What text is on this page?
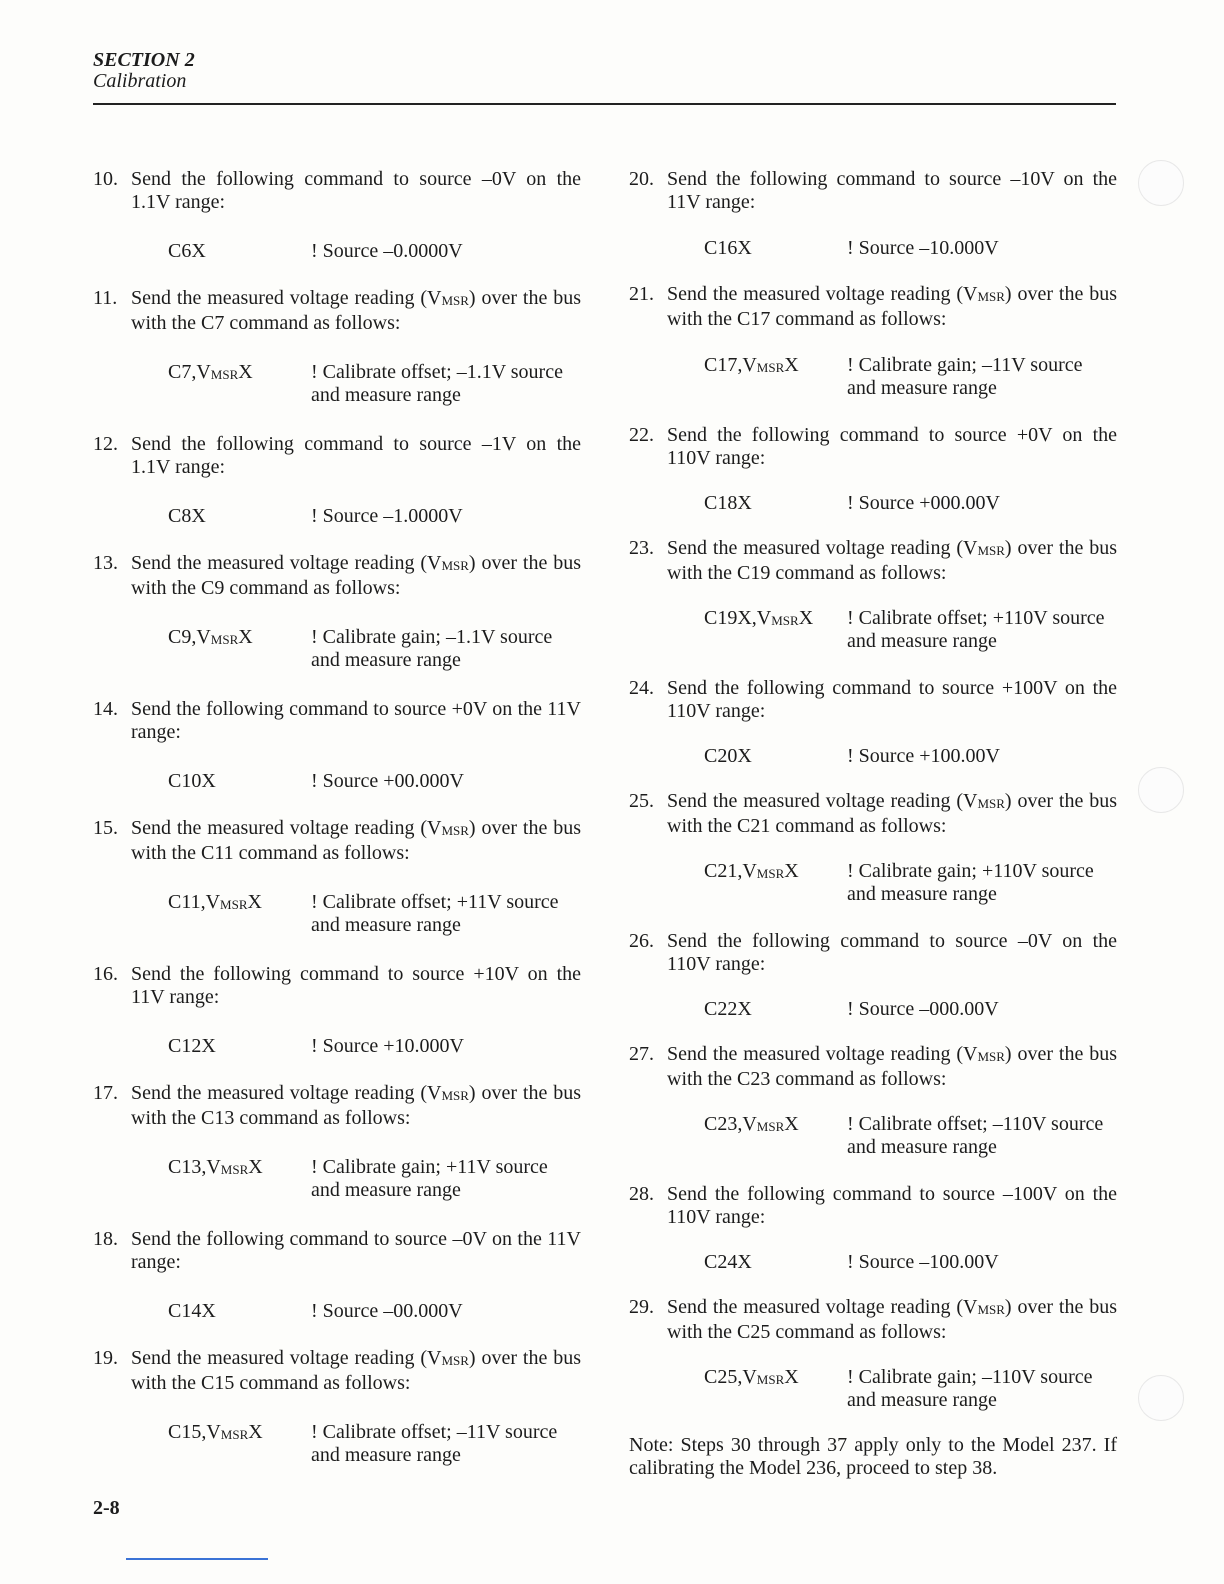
SECTION 2
Calibration
10. Send the following command to source –0V on the 1.1V range:
C6X	! Source –0.0000V
11. Send the measured voltage reading $(V_{MSR})$ over the bus with the C7 command as follows:
$C7,V_{MSR}X$	! Calibrate offset; –1.1V source
and measure range
12. Send the following command to source –1V on the 1.1V range:
C8X	! Source –1.0000V
13. Send the measured voltage reading $(V_{MSR})$ over the bus with the C9 command as follows:
$C9,V_{MSR}X$	! Calibrate gain; –1.1V source
and measure range
14. Send the following command to source +0V on the 11V range:
C10X	! Source +00.000V
15. Send the measured voltage reading $(V_{MSR})$ over the bus with the C11 command as follows:
$C11,V_{MSR}X$	! Calibrate offset; +11V source
and measure range
16. Send the following command to source +10V on the 11V range:
C12X	! Source +10.000V
17. Send the measured voltage reading $(V_{MSR})$ over the bus with the C13 command as follows:
$C13,V_{MSR}X$	! Calibrate gain; +11V source
and measure range
18. Send the following command to source –0V on the 11V range:
C14X	! Source –00.000V
19. Send the measured voltage reading $(V_{MSR})$ over the bus with the C15 command as follows:
$C15,V_{MSR}X$	! Calibrate offset; –11V source
and measure range
20. Send the following command to source –10V on the 11V range:
C16X	! Source –10.000V
21. Send the measured voltage reading $(V_{MSR})$ over the bus with the C17 command as follows:
$C17,V_{MSR}X$	! Calibrate gain; –11V source
and measure range
22. Send the following command to source +0V on the 110V range:
C18X	! Source +000.00V
23. Send the measured voltage reading $(V_{MSR})$ over the bus with the C19 command as follows:
$C19X,V_{MSR}X$	! Calibrate offset; +110V source
and measure range
24. Send the following command to source +100V on the 110V range:
C20X	! Source +100.00V
25. Send the measured voltage reading $(V_{MSR})$ over the bus with the C21 command as follows:
$C21,V_{MSR}X$	! Calibrate gain; +110V source
and measure range
26. Send the following command to source –0V on the 110V range:
C22X	! Source –000.00V
27. Send the measured voltage reading $(V_{MSR})$ over the bus with the C23 command as follows:
$C23,V_{MSR}X$	! Calibrate offset; –110V source
and measure range
28. Send the following command to source –100V on the 110V range:
C24X	! Source –100.00V
29. Send the measured voltage reading $(V_{MSR})$ over the bus with the C25 command as follows:
$C25,V_{MSR}X$	! Calibrate gain; –110V source
and measure range
Note: Steps 30 through 37 apply only to the Model 237. If calibrating the Model 236, proceed to step 38.
2-8
